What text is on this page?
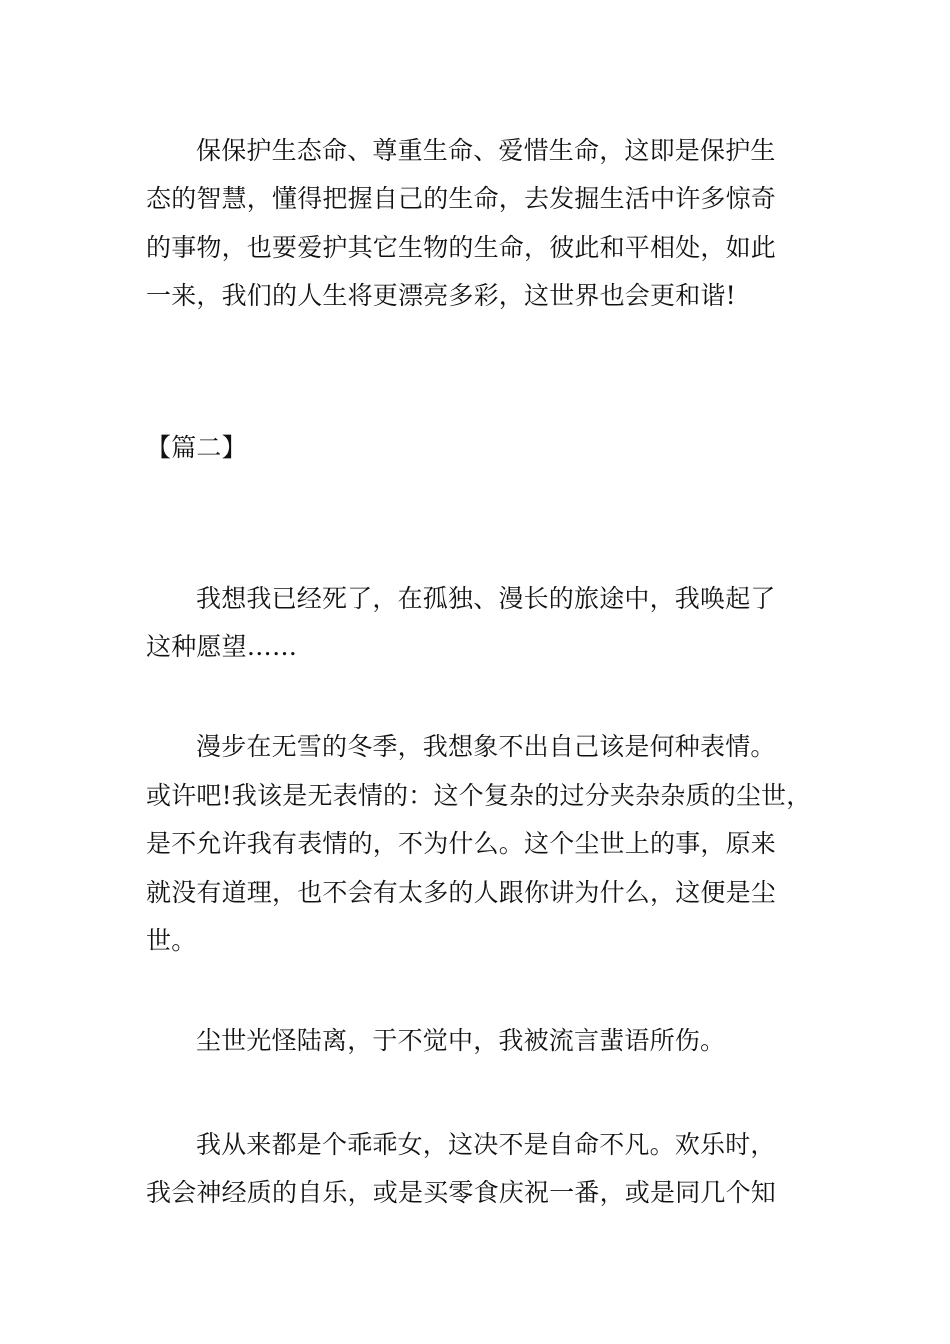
保保护生态命、尊重生命、爱惜生命，这即是保护生
态的智慧，懂得把握自己的生命，去发掘生活中许多惊奇
的事物，也要爱护其它生物的生命，彼此和平相处，如此
一来，我们的人生将更漂亮多彩，这世界也会更和谐!
【篇二】
我想我已经死了，在孤独、漫长的旅途中，我唤起了
这种愿望……
漫步在无雪的冬季，我想象不出自己该是何种表情。
或许吧!我该是无表情的：这个复杂的过分夹杂杂质的尘世，
是不允许我有表情的，不为什么。这个尘世上的事，原来
就没有道理，也不会有太多的人跟你讲为什么，这便是尘
世。
尘世光怪陆离，于不觉中，我被流言蜚语所伤。
我从来都是个乖乖女，这决不是自命不凡。欢乐时，
我会神经质的自乐，或是买零食庆祝一番，或是同几个知
